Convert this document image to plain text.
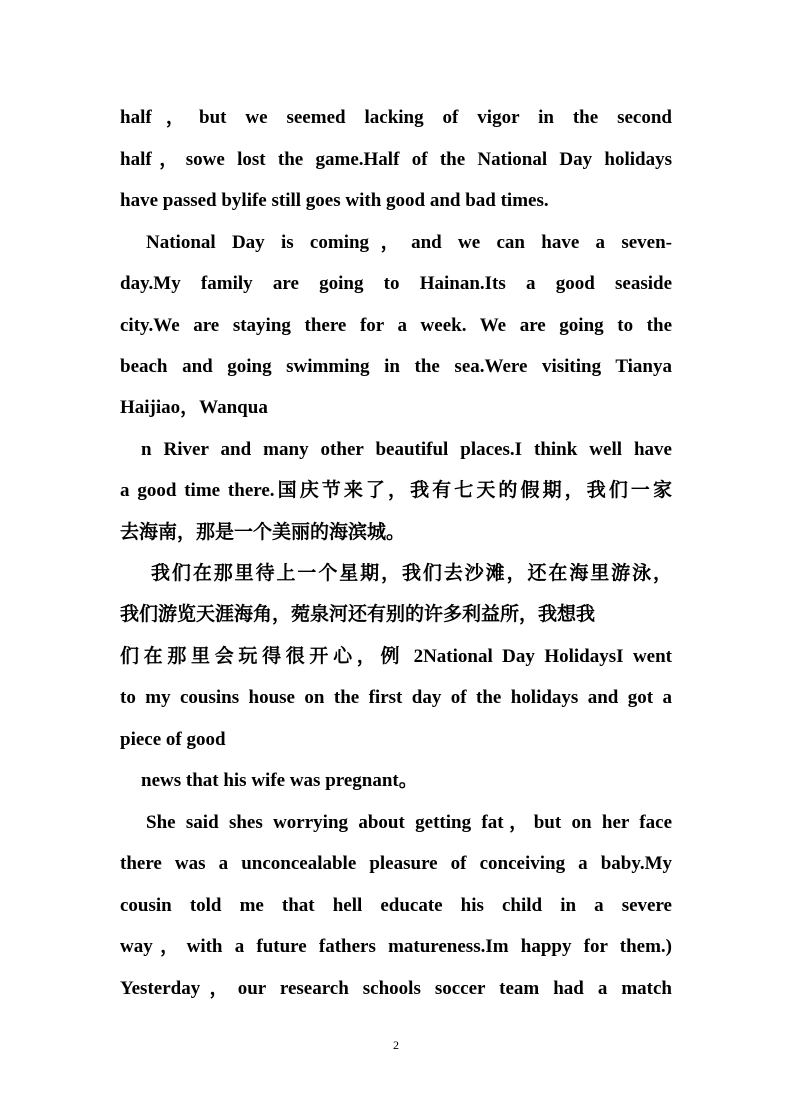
half，but we seemed lacking of vigor in the second
half，sowe lost the game.Half of the National Day holidays
have passed bylife still goes with good and bad times.
National Day is coming，and we can have a seven-
day.My family are going to Hainan.Its a good seaside
city.We are staying there for a week. We are going to the
beach and going swimming in the sea.Were visiting Tianya
Haijiao，Wanqua
n River and many other beautiful places.I think well have
a good time there.国庆节来了，我有七天的假期，我们一家
去海南，那是一个美丽的海滨城。
我们在那里待上一个星期，我们去沙滩，还在海里游泳，
我们游览天涯海角，菀泉河还有别的许多利益所，我想我
们在那里会玩得很开心，例 2National Day HolidaysI went
to my cousins house on the first day of the holidays and got a
piece of good
news that his wife was pregnant。
She said shes worrying about getting fat，but on her face
there was a unconcealable pleasure of conceiving a baby.My
cousin told me that hell educate his child in a severe
way，with a future fathers matureness.Im happy for them.)
Yesterday，our research schools soccer team had a match
2
